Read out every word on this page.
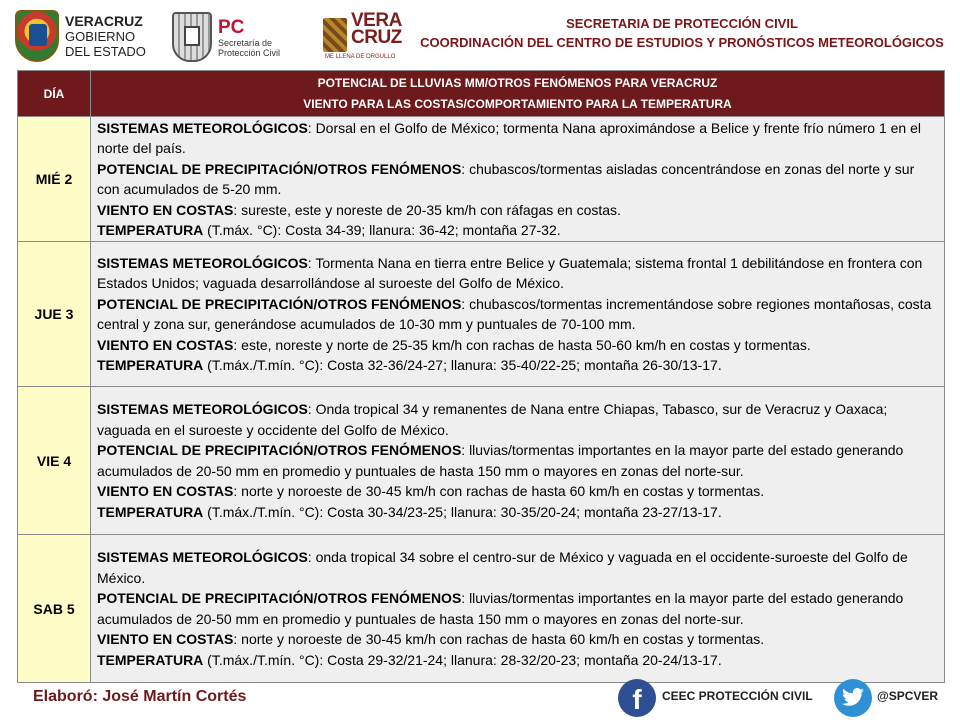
VERACRUZ
GOBIERNO
DEL ESTADO
PC
Secretaría de
Protección Civil
VERA
CRUZ
ME LLENA DE ORGULLO
SECRETARIA DE PROTECCIÓN CIVIL
COORDINACIÓN DEL CENTRO DE ESTUDIOS Y PRONÓSTICOS METEOROLÓGICOS
DÍA	POTENCIAL DE LLUVIAS MM/OTROS FENÓMENOS PARA VERACRUZ
VIENTO PARA LAS COSTAS/COMPORTAMIENTO PARA LA TEMPERATURA

MIÉ 2	SISTEMAS METEOROLÓGICOS: Dorsal en el Golfo de México; tormenta Nana aproximándose a Belice y frente frío número 1 en el norte del país.

POTENCIAL DE PRECIPITACIÓN/OTROS FENÓMENOS: chubascos/tormentas aisladas concentrándose en zonas del norte y sur con acumulados de 5-20 mm.

VIENTO EN COSTAS: sureste, este y noreste de 20-35 km/h con ráfagas en costas.

TEMPERATURA (T.máx. °C): Costa 34-39; llanura: 36-42; montaña 27-32.

JUE 3	SISTEMAS METEOROLÓGICOS: Tormenta Nana en tierra entre Belice y Guatemala; sistema frontal 1 debilitándose en frontera con Estados Unidos; vaguada desarrollándose al suroeste del Golfo de México.

POTENCIAL DE PRECIPITACIÓN/OTROS FENÓMENOS: chubascos/tormentas incrementándose sobre regiones montañosas, costa central y zona sur, generándose acumulados de 10-30 mm y puntuales de 70-100 mm.

VIENTO EN COSTAS: este, noreste y norte de 25-35 km/h con rachas de hasta 50-60 km/h en costas y tormentas.

TEMPERATURA (T.máx./T.mín. °C): Costa 32-36/24-27; llanura: 35-40/22-25; montaña 26-30/13-17.

VIE 4	SISTEMAS METEOROLÓGICOS: Onda tropical 34 y remanentes de Nana entre Chiapas, Tabasco, sur de Veracruz y Oaxaca; vaguada en el suroeste y occidente del Golfo de México.

POTENCIAL DE PRECIPITACIÓN/OTROS FENÓMENOS: lluvias/tormentas importantes en la mayor parte del estado generando acumulados de 20-50 mm en promedio y puntuales de hasta 150 mm o mayores en zonas del norte-sur.

VIENTO EN COSTAS: norte y noroeste de 30-45 km/h con rachas de hasta 60 km/h en costas y tormentas.

TEMPERATURA (T.máx./T.mín. °C): Costa 30-34/23-25; llanura: 30-35/20-24; montaña 23-27/13-17.

SAB 5	SISTEMAS METEOROLÓGICOS: onda tropical 34 sobre el centro-sur de México y vaguada en el occidente-suroeste del Golfo de México.

POTENCIAL DE PRECIPITACIÓN/OTROS FENÓMENOS: lluvias/tormentas importantes en la mayor parte del estado generando acumulados de 20-50 mm en promedio y puntuales de hasta 150 mm o mayores en zonas del norte-sur.

VIENTO EN COSTAS: norte y noroeste de 30-45 km/h con rachas de hasta 60 km/h en costas y tormentas.

TEMPERATURA (T.máx./T.mín. °C): Costa 29-32/21-24; llanura: 28-32/20-23; montaña 20-24/13-17.

Elaboró: José Martín Cortés	f	CEEC PROTECCIÓN CIVIL	@SPCVER
